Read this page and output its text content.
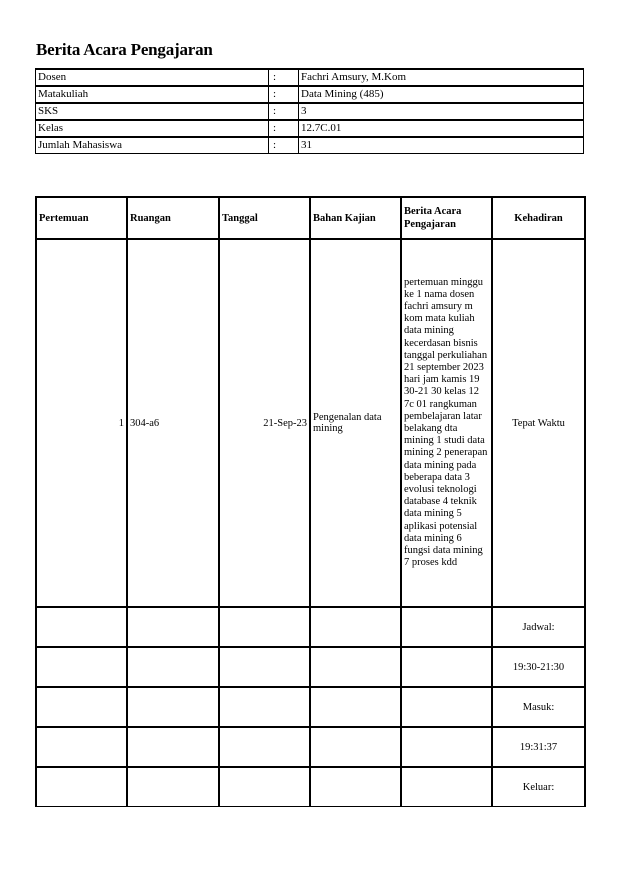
Berita Acara Pengajaran
Dosen	:	Fachri Amsury, M.Kom
Matakuliah	:	Data Mining (485)
SKS	:	3
Kelas	:	12.7C.01
Jumlah Mahasiswa	:	31
Pertemuan	Ruangan	Tanggal	Bahan Kajian	Berita Acara Pengajaran	Kehadiran
1	304-a6	21-Sep-23	Pengenalan data mining	pertemuan minggu ke 1 nama dosen fachri amsury m kom mata kuliah data mining kecerdasan bisnis tanggal perkuliahan 21 september 2023 hari jam kamis 19 30-21 30 kelas 12 7c 01 rangkuman pembelajaran latar belakang dta mining 1 studi data mining 2 penerapan data mining pada beberapa data 3 evolusi teknologi database 4 teknik data mining 5 aplikasi potensial data mining 6 fungsi data mining 7 proses kdd	Tepat Waktu
					Jadwal:
					19:30-21:30
					Masuk:
					19:31:37
					Keluar:
